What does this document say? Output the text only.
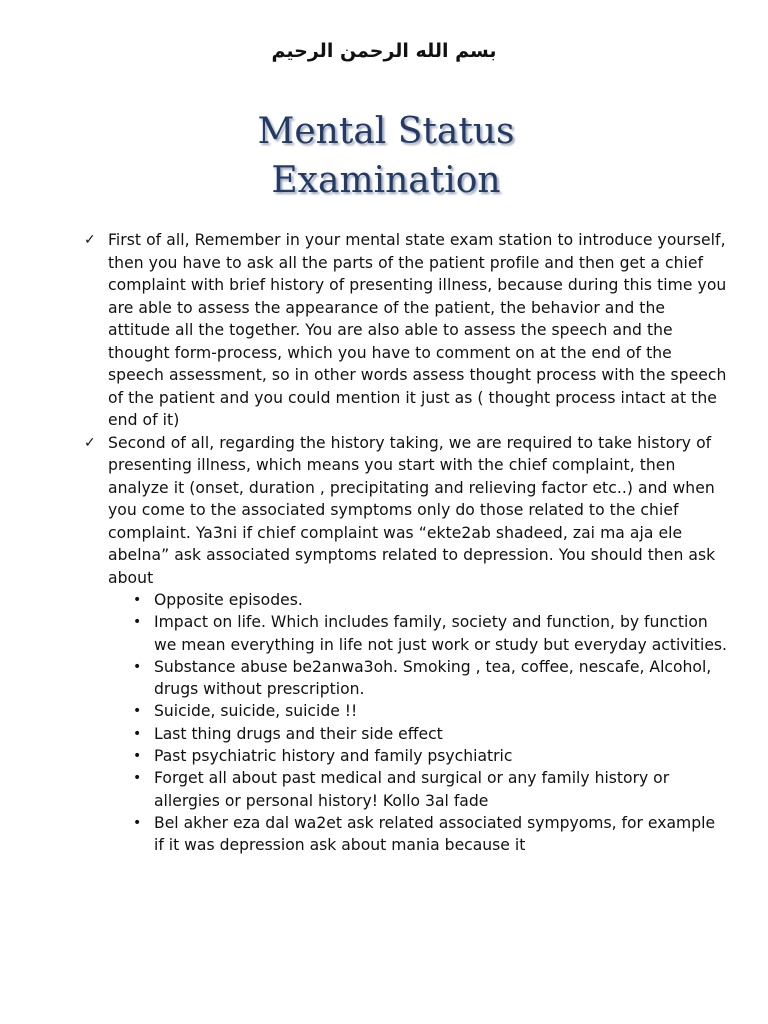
بسم الله الرحمن الرحيم
Mental Status
Examination
✓ First of all, Remember in your mental state exam station to introduce yourself, then you have to ask all the parts of the patient profile and then get a chief complaint with brief history of presenting illness, because during this time you are able to assess the appearance of the patient, the behavior and the attitude all the together. You are also able to assess the speech and the thought form-process, which you have to comment on at the end of the speech assessment, so in other words assess thought process with the speech of the patient and you could mention it just as ( thought process intact at the end of it)
✓ Second of all, regarding the history taking, we are required to take history of presenting illness, which means you start with the chief complaint, then analyze it (onset, duration , precipitating and relieving factor etc..) and when you come to the associated symptoms only do those related to the chief complaint. Ya3ni if chief complaint was “ekte2ab shadeed, zai ma aja ele abelna” ask associated symptoms related to depression. You should then ask about
• Opposite episodes.
• Impact on life. Which includes family, society and function, by function we mean everything in life not just work or study but everyday activities.
• Substance abuse be2anwa3oh. Smoking , tea, coffee, nescafe, Alcohol, drugs without prescription.
• Suicide, suicide, suicide !!
• Last thing drugs and their side effect
• Past psychiatric history and family psychiatric
• Forget all about past medical and surgical or any family history or allergies or personal history! Kollo 3al fade
• Bel akher eza dal wa2et ask related associated sympyoms, for example if it was depression ask about mania because it
